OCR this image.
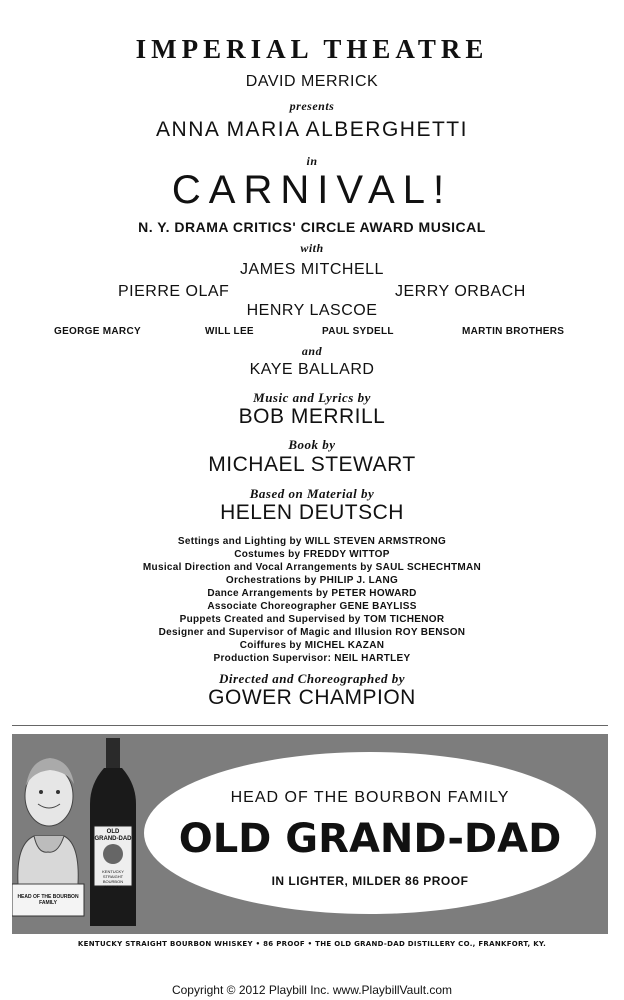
IMPERIAL THEATRE
DAVID MERRICK
presents
ANNA MARIA ALBERGHETTI
in
CARNIVAL!
N. Y. DRAMA CRITICS' CIRCLE AWARD MUSICAL
with
JAMES MITCHELL
PIERRE OLAF	JERRY ORBACH
HENRY LASCOE
GEORGE MARCY	WILL LEE	PAUL SYDELL	MARTIN BROTHERS
and
KAYE BALLARD
Music and Lyrics by
BOB MERRILL
Book by
MICHAEL STEWART
Based on Material by
HELEN DEUTSCH
Settings and Lighting by WILL STEVEN ARMSTRONG
Costumes by FREDDY WITTOP
Musical Direction and Vocal Arrangements by SAUL SCHECHTMAN
Orchestrations by PHILIP J. LANG
Dance Arrangements by PETER HOWARD
Associate Choreographer GENE BAYLISS
Puppets Created and Supervised by TOM TICHENOR
Designer and Supervisor of Magic and Illusion ROY BENSON
Coiffures by MICHEL KAZAN
Production Supervisor: NEIL HARTLEY
Directed and Choreographed by
GOWER CHAMPION
HEAD OF THE BOURBON FAMILY
OLD GRAND-DAD
KENTUCKY STRAIGHT BOURBON WHISKEY
HEAD OF THE BOURBON FAMILY
OLD GRAND-DAD
IN LIGHTER, MILDER 86 PROOF
KENTUCKY STRAIGHT BOURBON WHISKEY • 86 PROOF • THE OLD GRAND-DAD DISTILLERY CO., FRANKFORT, KY.
Copyright © 2012 Playbill Inc. www.PlaybillVault.com
